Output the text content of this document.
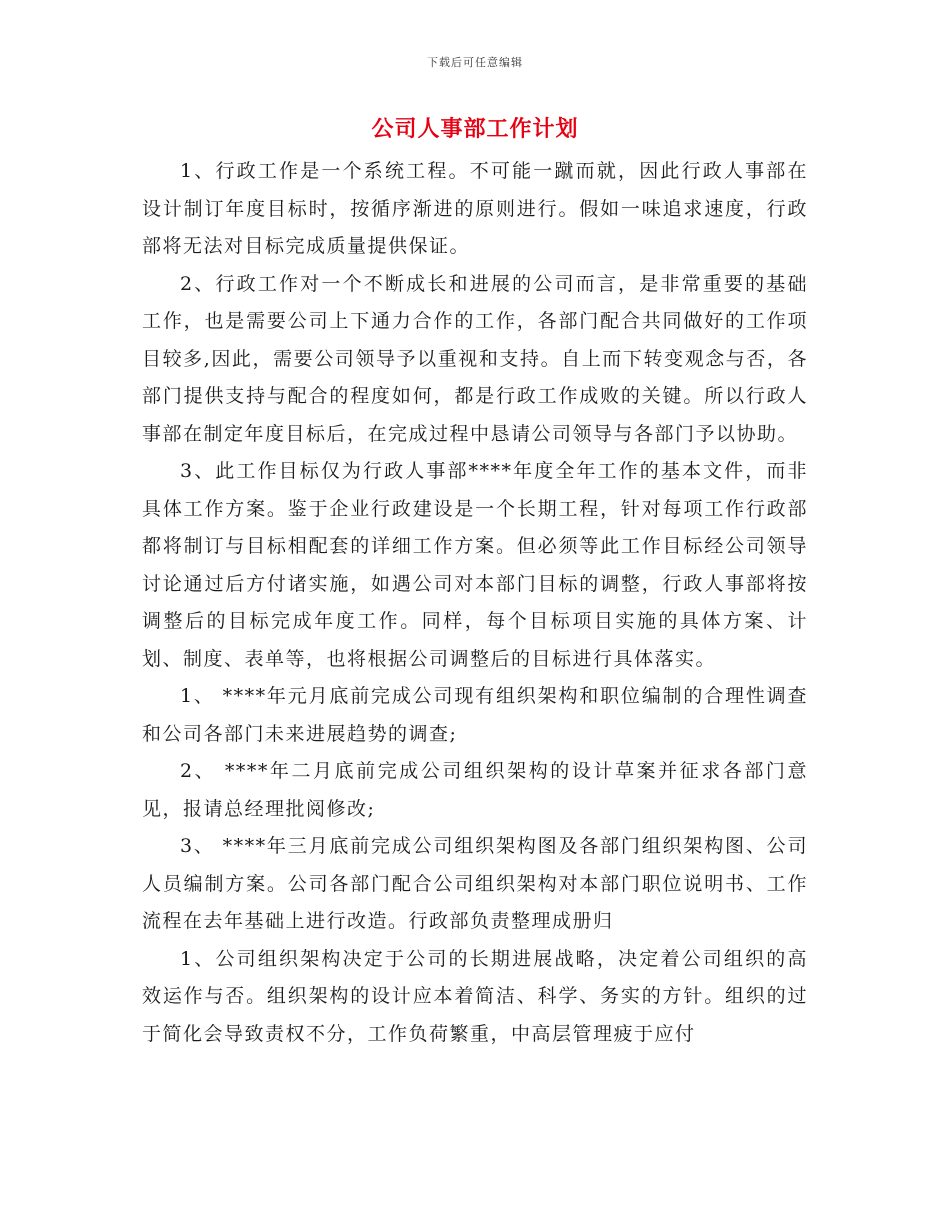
下载后可任意编辑
公司人事部工作计划

1、行政工作是一个系统工程。不可能一蹴而就，因此行政人事部在设计制订年度目标时，按循序渐进的原则进行。假如一味追求速度，行政部将无法对目标完成质量提供保证。

2、行政工作对一个不断成长和进展的公司而言，是非常重要的基础工作，也是需要公司上下通力合作的工作，各部门配合共同做好的工作项目较多,因此，需要公司领导予以重视和支持。自上而下转变观念与否，各部门提供支持与配合的程度如何，都是行政工作成败的关键。所以行政人事部在制定年度目标后，在完成过程中恳请公司领导与各部门予以协助。

3、此工作目标仅为行政人事部****年度全年工作的基本文件，而非具体工作方案。鉴于企业行政建设是一个长期工程，针对每项工作行政部都将制订与目标相配套的详细工作方案。但必须等此工作目标经公司领导讨论通过后方付诸实施，如遇公司对本部门目标的调整，行政人事部将按调整后的目标完成年度工作。同样，每个目标项目实施的具体方案、计划、制度、表单等，也将根据公司调整后的目标进行具体落实。

1、 ****年元月底前完成公司现有组织架构和职位编制的合理性调查和公司各部门未来进展趋势的调查;

2、 ****年二月底前完成公司组织架构的设计草案并征求各部门意见，报请总经理批阅修改;

3、 ****年三月底前完成公司组织架构图及各部门组织架构图、公司人员编制方案。公司各部门配合公司组织架构对本部门职位说明书、工作流程在去年基础上进行改造。行政部负责整理成册归

1、公司组织架构决定于公司的长期进展战略，决定着公司组织的高效运作与否。组织架构的设计应本着简洁、科学、务实的方针。组织的过于简化会导致责权不分，工作负荷繁重，中高层管理疲于应付
